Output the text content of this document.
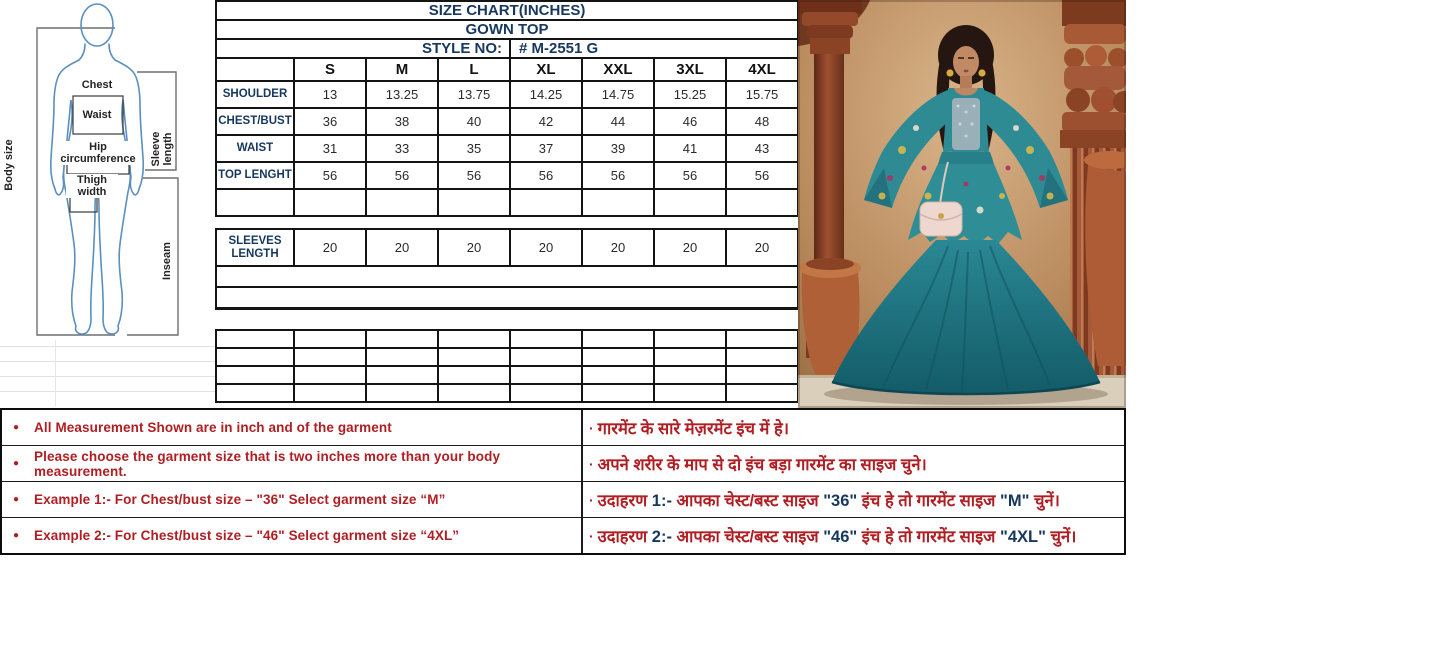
Body size
Chest
Waist
Hip circumference
Thigh width
Sleeve length
Inseam
SIZE CHART(INCHES)							
GOWN TOP							
STYLE NO:				# M-2551 G			
	S	M	L	XL	XXL	3XL	4XL
SHOULDER	13	13.25	13.75	14.25	14.75	15.25	15.75
CHEST/BUST	36	38	40	42	44	46	48
WAIST	31	33	35	37	39	41	43
TOP LENGHT	56	56	56	56	56	56	56

SLEEVES LENGTH	20	20	20	20	20	20	20

● All Measurement Shown are in inch and of the garment	· गारमेंट के सारे मेज़रमेंट इंच में हे।
● Please choose the garment size that is two inches more than your body measurement.	· अपने शरीर के माप से दो इंच बड़ा गारमेंट का साइज चुने।
● Example 1:- For Chest/bust size – "36" Select garment size “M”	· उदाहरण 1:- आपका चेस्ट/बस्ट साइज "36" इंच हे तो गारमेंट साइज "M" चुनें।
● Example 2:- For Chest/bust size – "46" Select garment size “4XL”	· उदाहरण 2:- आपका चेस्ट/बस्ट साइज "46" इंच हे तो गारमेंट साइज "4XL" चुनें।
